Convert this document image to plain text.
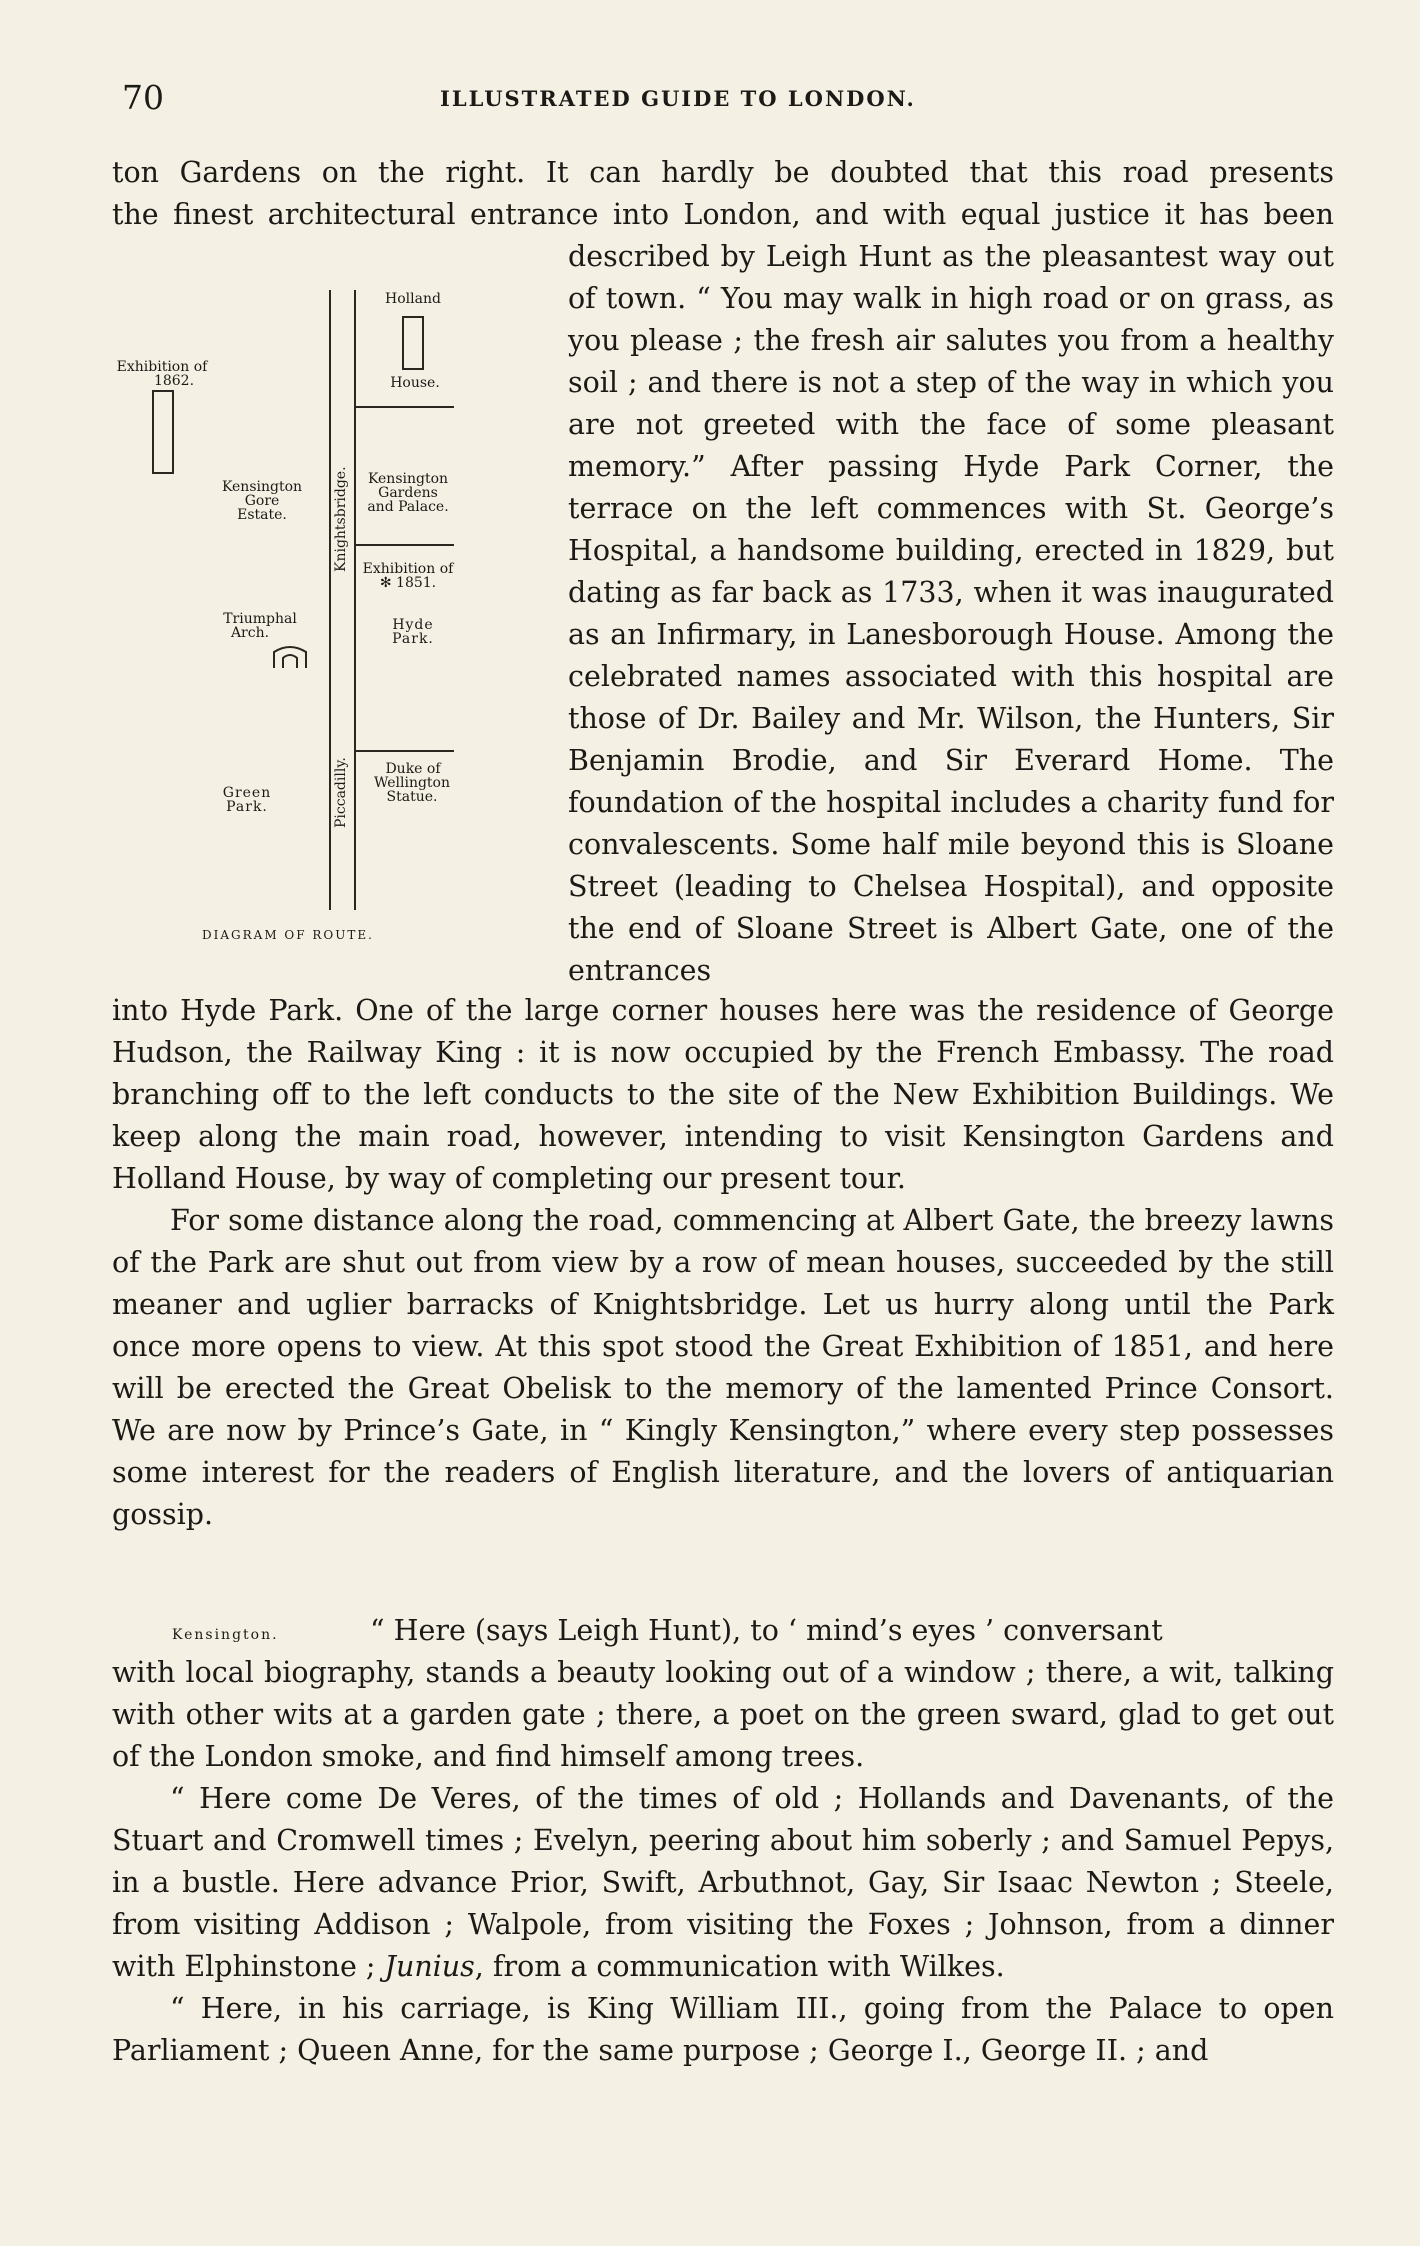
70	ILLUSTRATED GUIDE TO LONDON.
ton Gardens on the right. It can hardly be doubted that this road presents
the finest architectural entrance into London, and with equal justice it has been
Holland
House.
Exhibition of
1862.
Kensington
Gore
Estate.
Kensington
Gardens
and Palace.
Knightsbridge. Exhibition of
✻ 1851.
Triumphal
Arch.	Hyde
Park.
Piccadilly.	Duke of
Wellington
Statue.
Green
Park.
DIAGRAM OF ROUTE.
described by Leigh Hunt as the pleasantest way out of town. “ You may walk in high road or on grass, as you please ; the fresh air salutes you from a healthy soil ; and there is not a step of the way in which you are not greeted with the face of some pleasant memory.” After passing Hyde Park Corner, the terrace on the left commences with St. George’s Hospital, a handsome building, erected in 1829, but dating as far back as 1733, when it was inaugurated as an Infirmary, in Lanesborough House. Among the celebrated names associated with this hospital are those of Dr. Bailey and Mr. Wilson, the Hunters, Sir Benjamin Brodie, and Sir Everard Home. The foundation of the hospital includes a charity fund for convalescents. Some half mile beyond this is Sloane Street (leading to Chelsea Hospital), and opposite the end of Sloane Street is Albert Gate, one of the entrances

into Hyde Park. One of the large corner houses here was the residence of George Hudson, the Railway King : it is now occupied by the French Embassy. The road branching off to the left conducts to the site of the New Exhibition Buildings. We keep along the main road, however, intending to visit Kensington Gardens and Holland House, by way of completing our present tour.

For some distance along the road, commencing at Albert Gate, the breezy lawns of the Park are shut out from view by a row of mean houses, succeeded by the still meaner and uglier barracks of Knightsbridge. Let us hurry along until the Park once more opens to view. At this spot stood the Great Exhibition of 1851, and here will be erected the Great Obelisk to the memory of the lamented Prince Consort. We are now by Prince’s Gate, in “ Kingly Kensington,” where every step possesses some interest for the readers of English literature, and the lovers of antiquarian gossip.

Kensington.	“ Here (says Leigh Hunt), to ‘ mind’s eyes ’ conversant
with local biography, stands a beauty looking out of a window ; there, a wit, talking with other wits at a garden gate ; there, a poet on the green sward, glad to get out of the London smoke, and find himself among trees.

“ Here come De Veres, of the times of old ; Hollands and Davenants, of the Stuart and Cromwell times ; Evelyn, peering about him soberly ; and Samuel Pepys, in a bustle. Here advance Prior, Swift, Arbuthnot, Gay, Sir Isaac Newton ; Steele, from visiting Addison ; Walpole, from visiting the Foxes ; Johnson, from a dinner with Elphinstone ; Junius, from a communication with Wilkes.

“ Here, in his carriage, is King William III., going from the Palace to open Parliament ; Queen Anne, for the same purpose ; George I., George II. ; and
